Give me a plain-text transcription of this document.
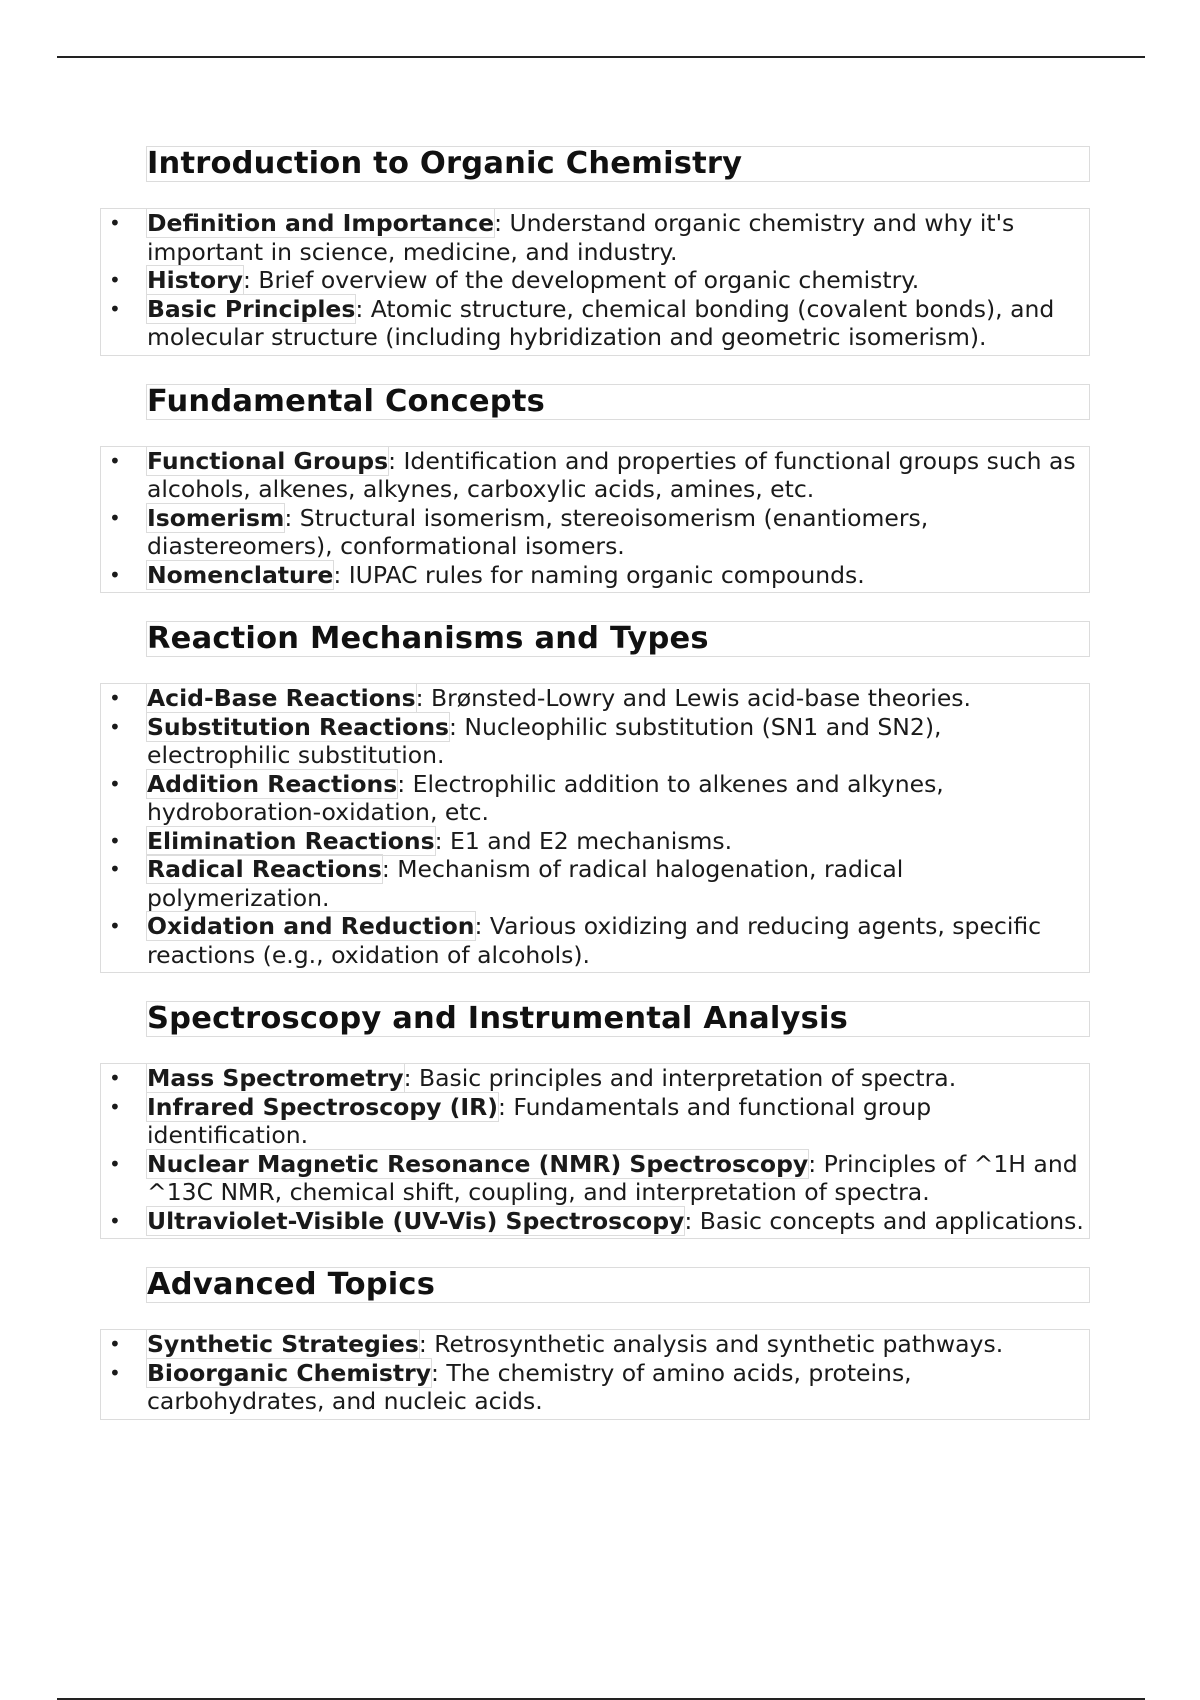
Introduction to Organic Chemistry
• Definition and Importance: Understand organic chemistry and why it's important in science, medicine, and industry.
• History: Brief overview of the development of organic chemistry.
• Basic Principles: Atomic structure, chemical bonding (covalent bonds), and molecular structure (including hybridization and geometric isomerism).
Fundamental Concepts
• Functional Groups: Identification and properties of functional groups such as alcohols, alkenes, alkynes, carboxylic acids, amines, etc.
• Isomerism: Structural isomerism, stereoisomerism (enantiomers, diastereomers), conformational isomers.
• Nomenclature: IUPAC rules for naming organic compounds.
Reaction Mechanisms and Types
• Acid-Base Reactions: Brønsted-Lowry and Lewis acid-base theories.
• Substitution Reactions: Nucleophilic substitution (SN1 and SN2), electrophilic substitution.
• Addition Reactions: Electrophilic addition to alkenes and alkynes, hydroboration-oxidation, etc.
• Elimination Reactions: E1 and E2 mechanisms.
• Radical Reactions: Mechanism of radical halogenation, radical polymerization.
• Oxidation and Reduction: Various oxidizing and reducing agents, specific reactions (e.g., oxidation of alcohols).
Spectroscopy and Instrumental Analysis
• Mass Spectrometry: Basic principles and interpretation of spectra.
• Infrared Spectroscopy (IR): Fundamentals and functional group identification.
• Nuclear Magnetic Resonance (NMR) Spectroscopy: Principles of ^1H and ^13C NMR, chemical shift, coupling, and interpretation of spectra.
• Ultraviolet-Visible (UV-Vis) Spectroscopy: Basic concepts and applications.
Advanced Topics
• Synthetic Strategies: Retrosynthetic analysis and synthetic pathways.
• Bioorganic Chemistry: The chemistry of amino acids, proteins, carbohydrates, and nucleic acids.
